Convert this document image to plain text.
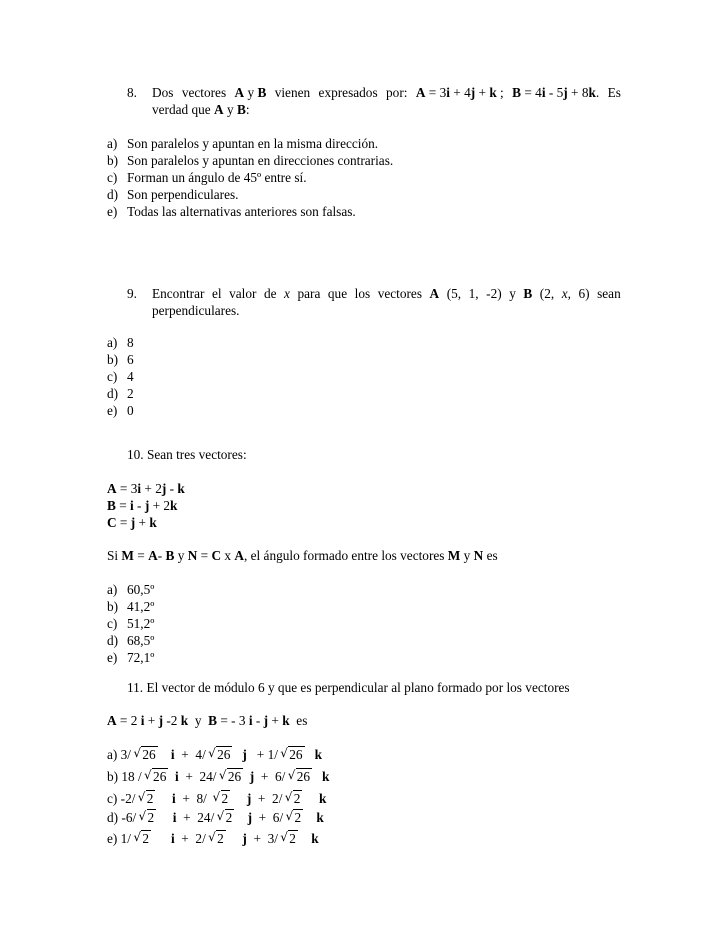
8. Dos vectores A y B vienen expresados por: A = 3i + 4j + k ; B = 4i - 5j + 8k. Es
verdad que A y B:
a) Son paralelos y apuntan en la misma dirección.
b) Son paralelos y apuntan en direcciones contrarias.
c) Forman un ángulo de 45º entre sí.
d) Son perpendiculares.
e) Todas las alternativas anteriores son falsas.
9. Encontrar el valor de x para que los vectores A (5, 1, -2) y B (2, x, 6) sean
perpendiculares.
a) 8
b) 6
c) 4
d) 2
e) 0
10. Sean tres vectores:
A = 3i + 2j - k
B = i - j + 2k
C = j + k
Si M = A- B y N = C x A, el ángulo formado entre los vectores M y N es
a) 60,5º
b) 41,2º
c) 51,2º
d) 68,5º
e) 72,1º
11. El vector de módulo 6 y que es perpendicular al plano formado por los vectores
A = 2 i + j -2 k  y  B = - 3 i - j + k  es
a) 3/ √ 26 i  +  4/ √ 26 j   + 1/ √ 26 k
b) 18 / √ 26 i  +  24/ √ 26 j  +  6/ √ 26 k
c) -2/ √ 2 i  +  8/  √ 2 j  +  2/ √ 2 k
d) -6/ √ 2 i  +  24/ √ 2 j  +  6/ √ 2 k
e) 1/ √ 2 i  +  2/ √ 2 j  +  3/ √ 2 k
